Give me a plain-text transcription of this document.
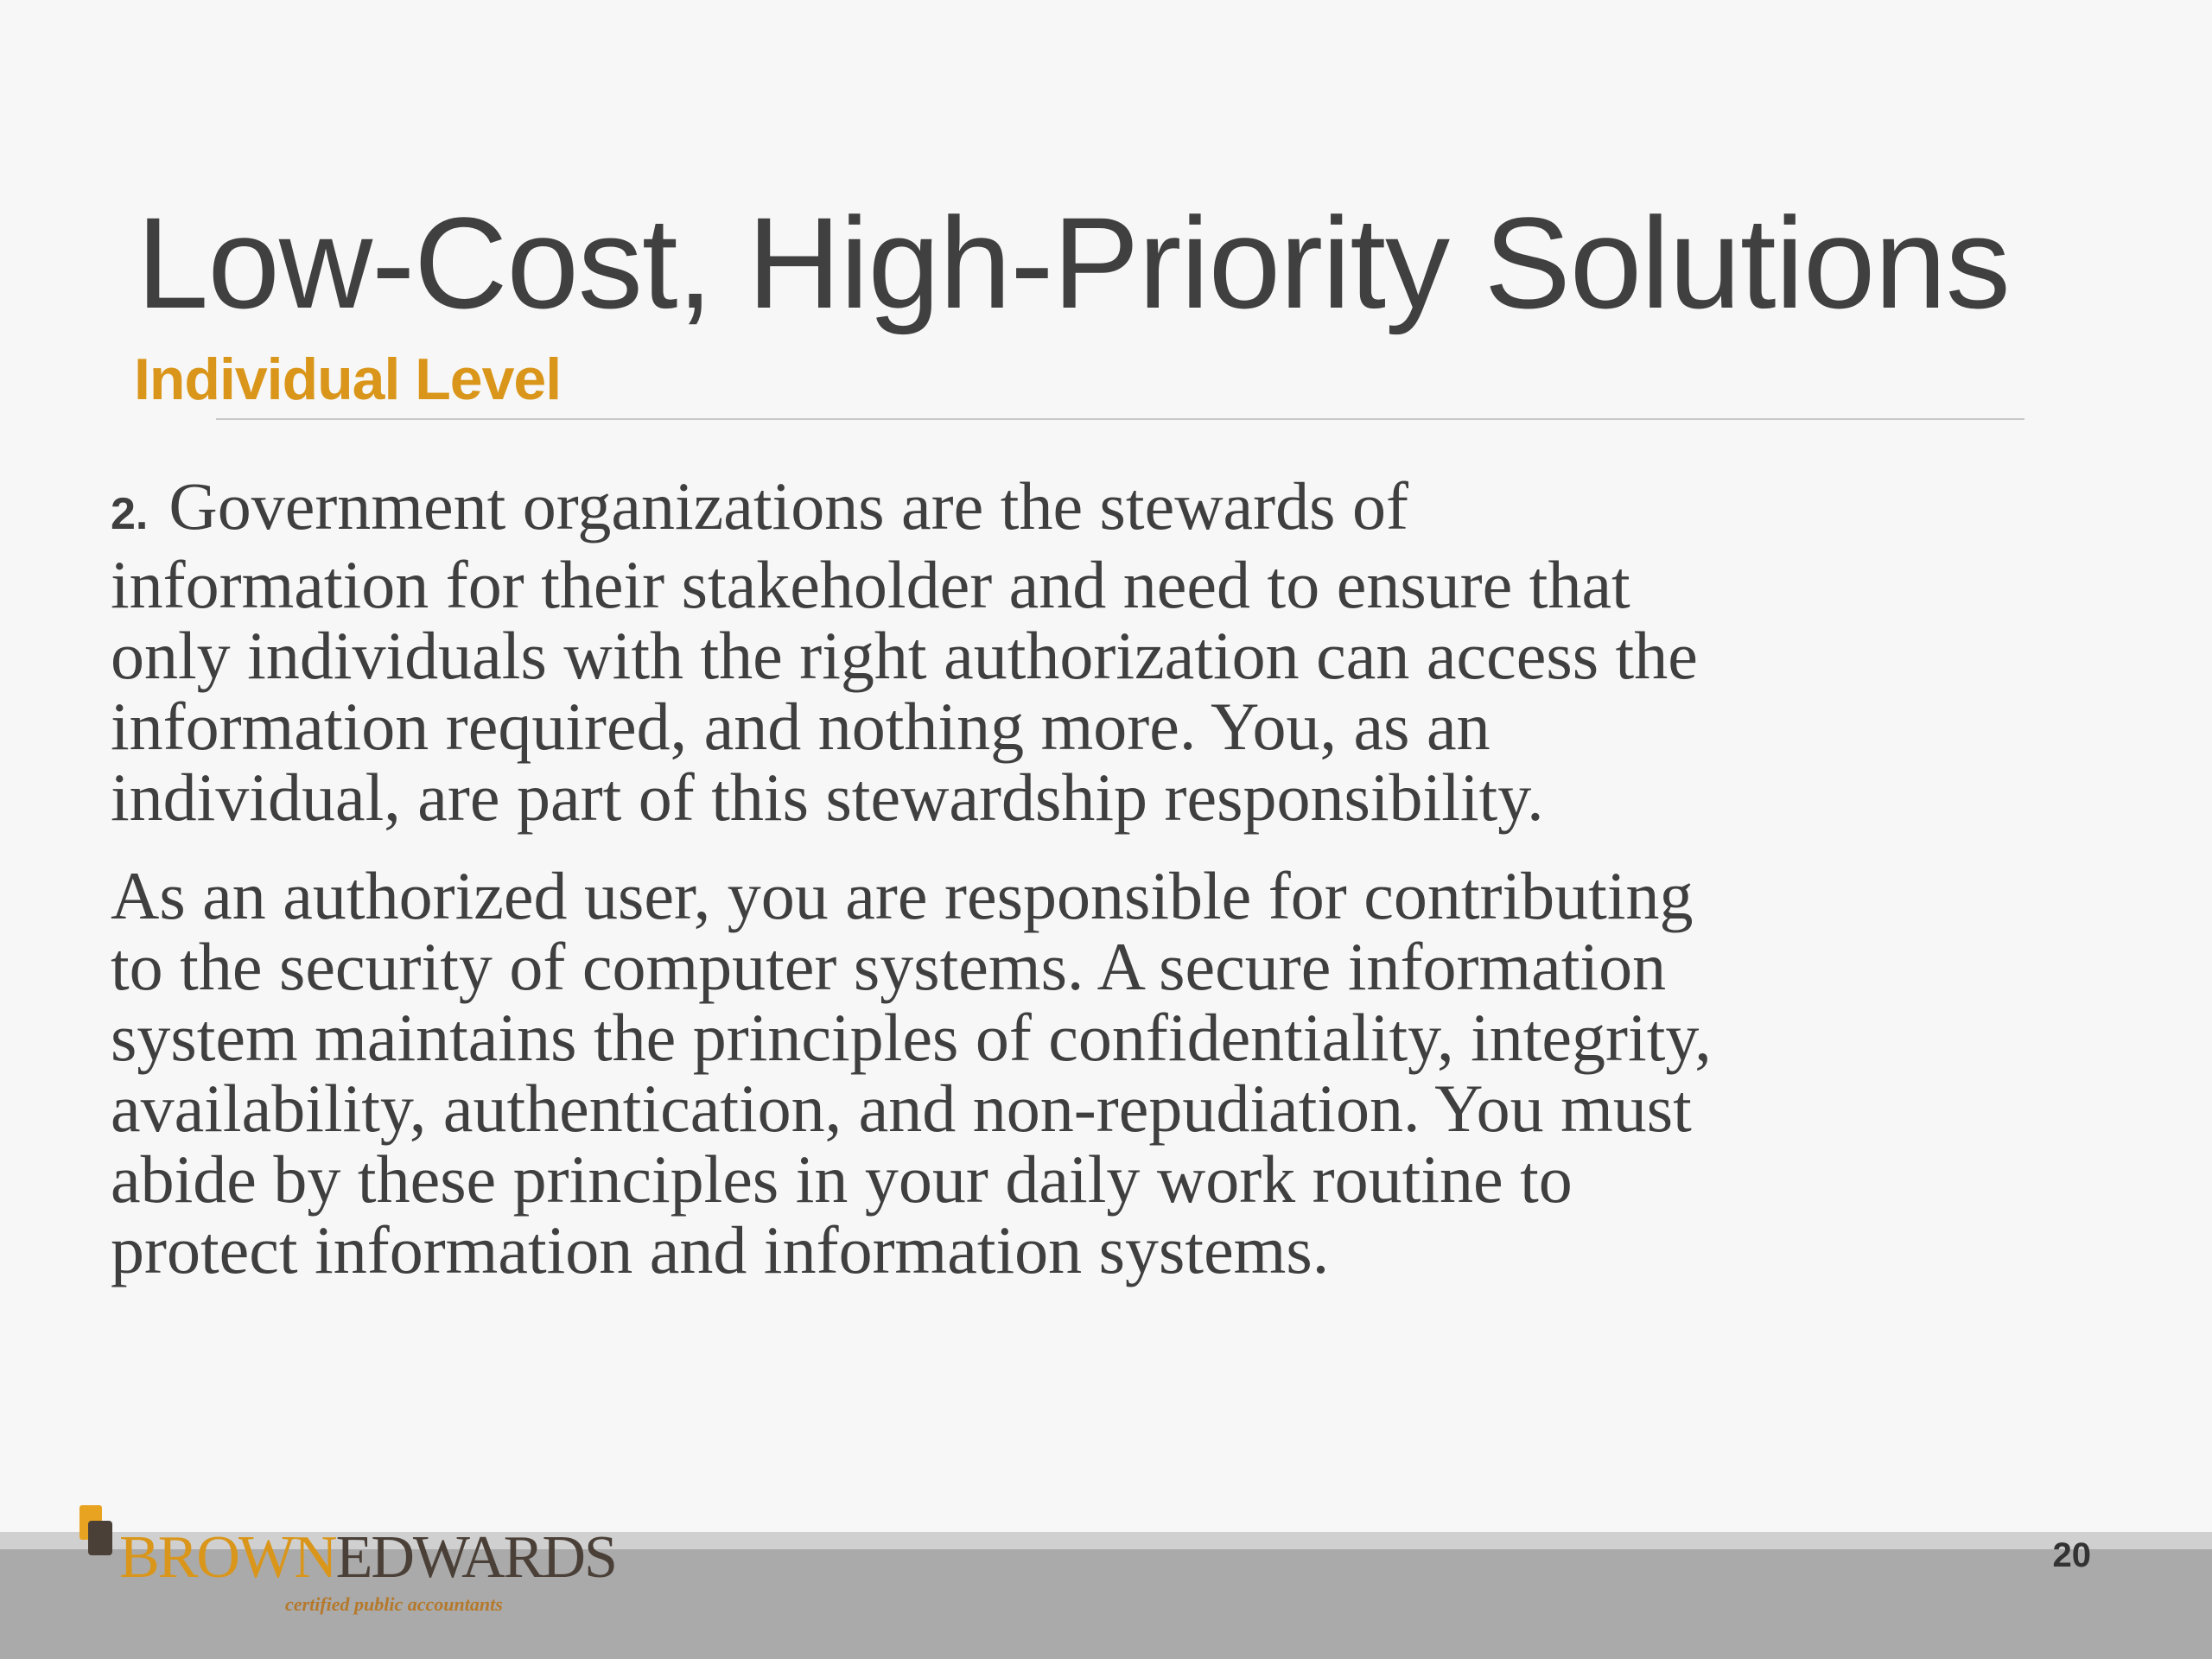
Low-Cost, High-Priority Solutions
Individual Level

2. Government organizations are the stewards of information for their stakeholder and need to ensure that only individuals with the right authorization can access the information required, and nothing more. You, as an individual, are part of this stewardship responsibility.

As an authorized user, you are responsible for contributing to the security of computer systems. A secure information system maintains the principles of confidentiality, integrity, availability, authentication, and non-repudiation. You must abide by these principles in your daily work routine to protect information and information systems.

BROWNEDWARDS
certified public accountants
20
